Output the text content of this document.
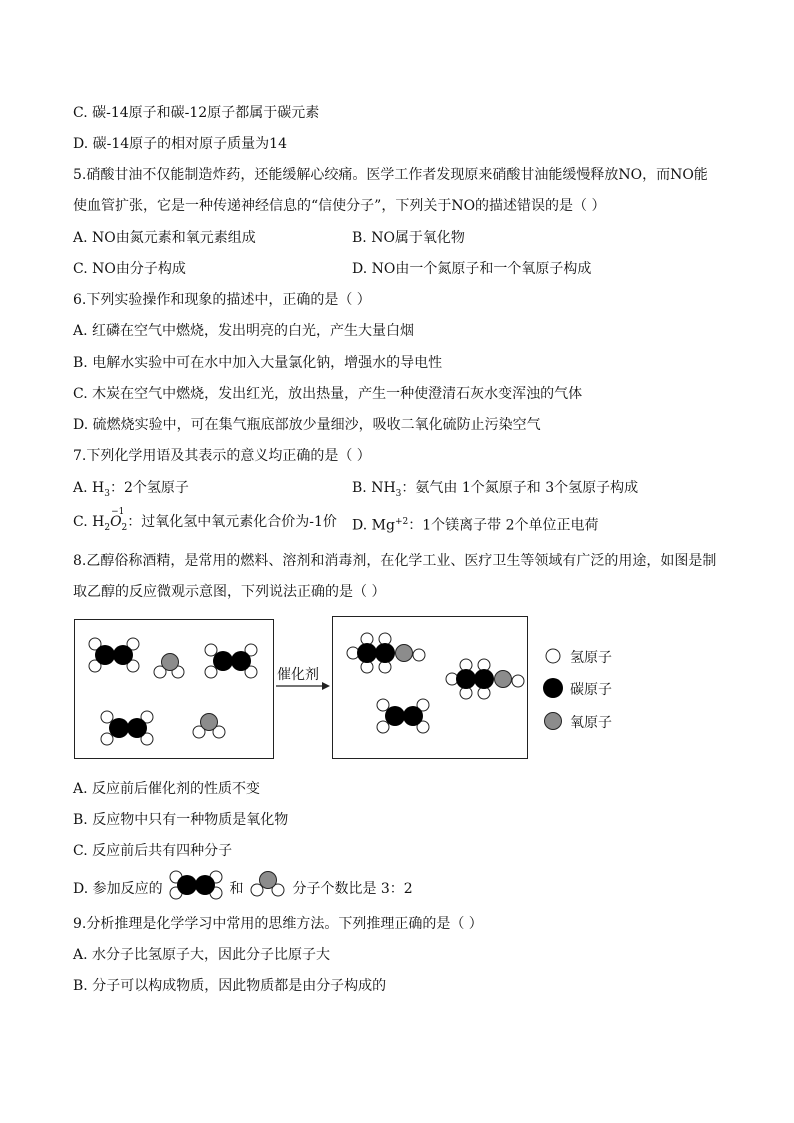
C. 碳-14原子和碳-12原子都属于碳元素
D. 碳-14原子的相对原子质量为14
5.硝酸甘油不仅能制造炸药，还能缓解心绞痛。医学工作者发现原来硝酸甘油能缓慢释放NO，而NO能
使血管扩张，它是一种传递神经信息的“信使分子”，下列关于NO的描述错误的是（ ）
A. NO由氮元素和氧元素组成	B. NO属于氧化物
C. NO由分子构成	D. NO由一个氮原子和一个氧原子构成
6.下列实验操作和现象的描述中，正确的是（ ）
A. 红磷在空气中燃烧，发出明亮的白光，产生大量白烟
B. 电解水实验中可在水中加入大量氯化钠，增强水的导电性
C. 木炭在空气中燃烧，发出红光，放出热量，产生一种使澄清石灰水变浑浊的气体
D. 硫燃烧实验中，可在集气瓶底部放少量细沙，吸收二氧化硫防止污染空气
7.下列化学用语及其表示的意义均正确的是（ ）
A. $H_3$：2个氢原子	B. $NH_3$：氨气由 1个氮原子和 3个氢原子构成
C. $H_2$
−1
$O_2$：过氧化氢中氧元素化合价为-1价 D. $Mg^{+2}$：1个镁离子带 2个单位正电荷
8.乙醇俗称酒精，是常用的燃料、溶剂和消毒剂，在化学工业、医疗卫生等领域有广泛的用途，如图是制
取乙醇的反应微观示意图，下列说法正确的是（ ）
催化剂
氢原子
碳原子
氧原子
A. 反应前后催化剂的性质不变
B. 反应物中只有一种物质是氧化物
C. 反应前后共有四种分子
D. 参加反应的	和	分子个数比是 3：2
9.分析推理是化学学习中常用的思维方法。下列推理正确的是（ ）
A. 水分子比氢原子大，因此分子比原子大
B. 分子可以构成物质，因此物质都是由分子构成的
